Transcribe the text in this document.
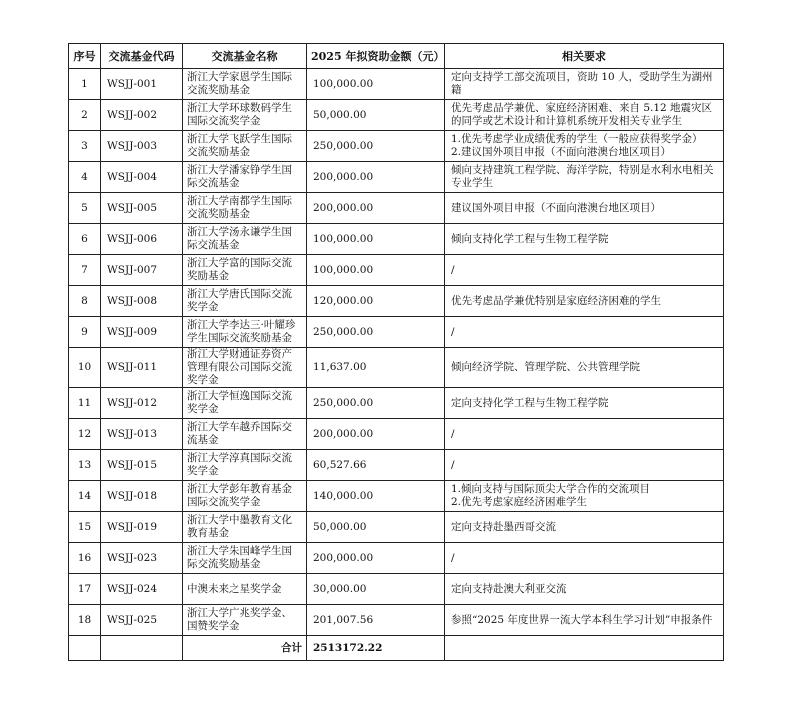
序号	交流基金代码	交流基金名称	2025 年拟资助金额（元）	相关要求
1	WSJJ-001	浙江大学家恩学生国际交流奖励基金	100,000.00	定向支持学工部交流项目，资助 10 人，受助学生为湖州籍
2	WSJJ-002	浙江大学环球数码学生国际交流奖学金	50,000.00	优先考虑品学兼优、家庭经济困难、来自 5.12 地震灾区的同学或艺术设计和计算机系统开发相关专业学生
3	WSJJ-003	浙江大学飞跃学生国际交流奖励基金	250,000.00	1.优先考虑学业成绩优秀的学生（一般应获得奖学金）
2.建议国外项目申报（不面向港澳台地区项目）
4	WSJJ-004	浙江大学潘家铮学生国际交流基金	200,000.00	倾向支持建筑工程学院、海洋学院，特别是水利水电相关专业学生
5	WSJJ-005	浙江大学南都学生国际交流奖励基金	200,000.00	建议国外项目申报（不面向港澳台地区项目）
6	WSJJ-006	浙江大学汤永谦学生国际交流基金	100,000.00	倾向支持化学工程与生物工程学院
7	WSJJ-007	浙江大学富的国际交流奖励基金	100,000.00	/
8	WSJJ-008	浙江大学唐氏国际交流奖学金	120,000.00	优先考虑品学兼优特别是家庭经济困难的学生
9	WSJJ-009	浙江大学李达三·叶耀珍学生国际交流奖励基金	250,000.00	/
10	WSJJ-011	浙江大学财通证券资产管理有限公司国际交流奖学金	11,637.00	倾向经济学院、管理学院、公共管理学院
11	WSJJ-012	浙江大学恒逸国际交流奖学金	250,000.00	定向支持化学工程与生物工程学院
12	WSJJ-013	浙江大学车越乔国际交流基金	200,000.00	/
13	WSJJ-015	浙江大学淳真国际交流奖学金	60,527.66	/
14	WSJJ-018	浙江大学彭年教育基金国际交流奖学金	140,000.00	1.倾向支持与国际顶尖大学合作的交流项目
2.优先考虑家庭经济困难学生
15	WSJJ-019	浙江大学中墨教育文化教育基金	50,000.00	定向支持赴墨西哥交流
16	WSJJ-023	浙江大学朱国峰学生国际交流奖励基金	200,000.00	/
17	WSJJ-024	中澳未来之星奖学金	30,000.00	定向支持赴澳大利亚交流
18	WSJJ-025	浙江大学广兆奖学金、国赞奖学金	201,007.56	参照“2025 年度世界一流大学本科生学习计划”申报条件
		合计	2513172.22	
